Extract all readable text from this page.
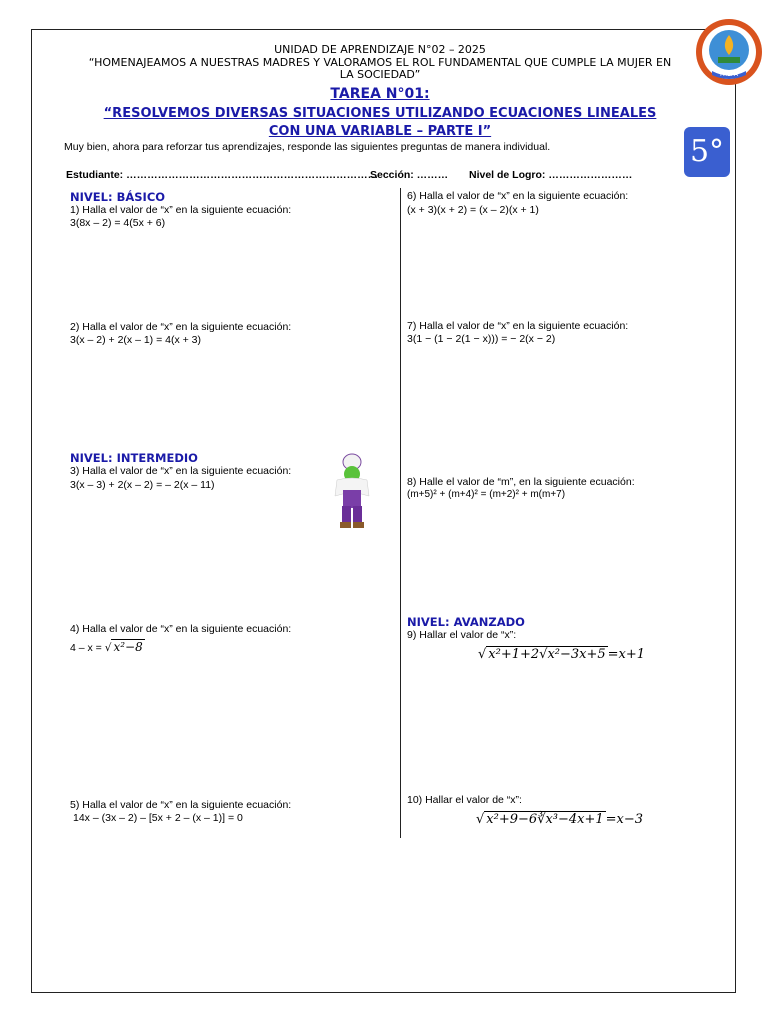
UNIDAD DE APRENDIZAJE N°02 – 2025
“HOMENAJEAMOS A NUESTRAS MADRES Y VALORAMOS EL ROL FUNDAMENTAL QUE CUMPLE LA MUJER EN
LA SOCIEDAD”	PALPA
TAREA N°01:
“RESOLVEMOS DIVERSAS SITUACIONES UTILIZANDO ECUACIONES LINEALES
CON UNA VARIABLE – PARTE I”
5°
Muy bien, ahora para reforzar tus aprendizajes, responde las siguientes preguntas de manera individual.
Estudiante: ………………………………………………………………
Sección: ……… Nivel de Logro: ……………………
NIVEL: BÁSICO
1) Halla el valor de “x” en la siguiente ecuación:
3(8x – 2) = 4(5x + 6)
2) Halla el valor de “x” en la siguiente ecuación:
3(x – 2) + 2(x – 1) = 4(x + 3)
NIVEL: INTERMEDIO
3) Halla el valor de “x” en la siguiente ecuación:
3(x – 3) + 2(x – 2) = – 2(x – 11)
4) Halla el valor de “x” en la siguiente ecuación:
4 – x = √ x²−8
5) Halla el valor de “x” en la siguiente ecuación:
14x – (3x – 2) – [5x + 2 – (x – 1)] = 0
6) Halla el valor de “x” en la siguiente ecuación:
(x + 3)(x + 2) = (x – 2)(x + 1)
7) Halla el valor de “x” en la siguiente ecuación:
3(1 − (1 − 2(1 − x))) = − 2(x − 2)
8) Halle el valor de “m”, en la siguiente ecuación:
(m+5)² + (m+4)² = (m+2)² + m(m+7)
NIVEL: AVANZADO
9) Hallar el valor de “x”:
√ x²+1+2√x²−3x+5 =x+1
10) Hallar el valor de “x”:
√ x²+9−6∛x³−4x+1 =x−3
